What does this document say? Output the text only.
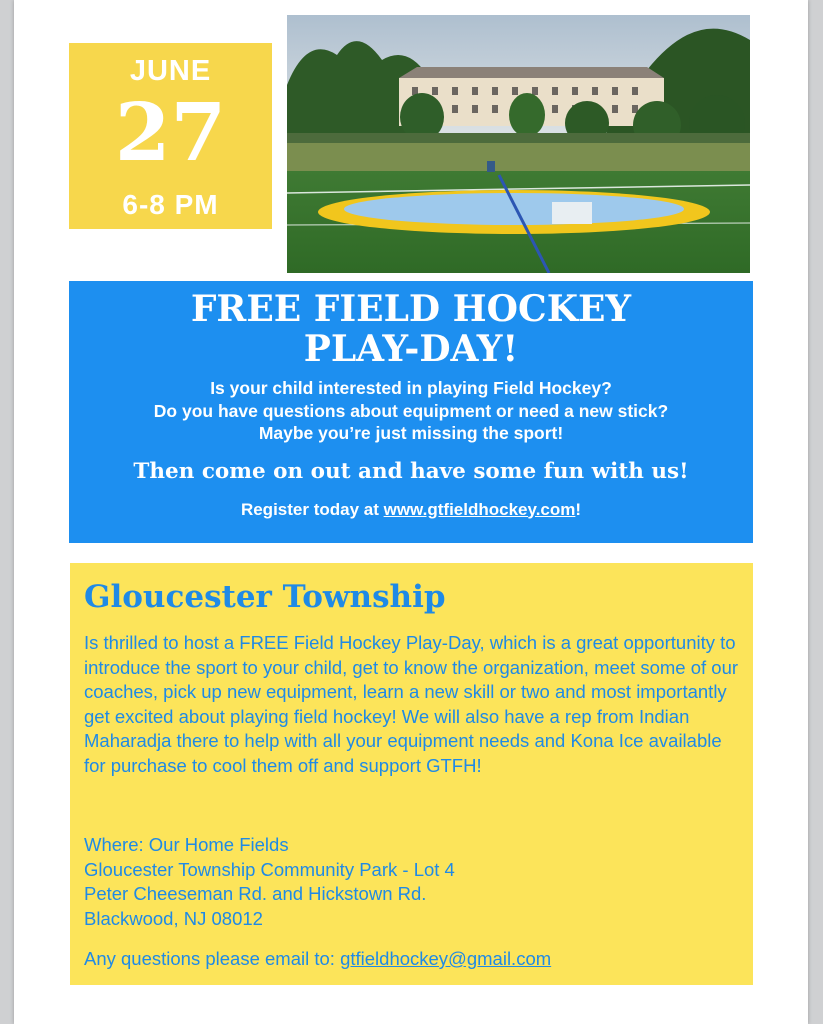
JUNE
27
6-8 PM
FREE FIELD HOCKEY
PLAY-DAY!
Is your child interested in playing Field Hockey?
Do you have questions about equipment or need a new stick?
Maybe you’re just missing the sport!
Then come on out and have some fun with us!
Register today at www.gtfieldhockey.com!
Gloucester Township
Is thrilled to host a FREE Field Hockey Play-Day, which is a great opportunity to introduce the sport to your child, get to know the organization, meet some of our coaches, pick up new equipment, learn a new skill or two and most importantly get excited about playing field hockey! We will also have a rep from Indian Maharadja there to help with all your equipment needs and Kona Ice available for purchase to cool them off and support GTFH!
Where: Our Home Fields
Gloucester Township Community Park - Lot 4
Peter Cheeseman Rd. and Hickstown Rd.
Blackwood, NJ 08012
Any questions please email to: gtfieldhockey@gmail.com
